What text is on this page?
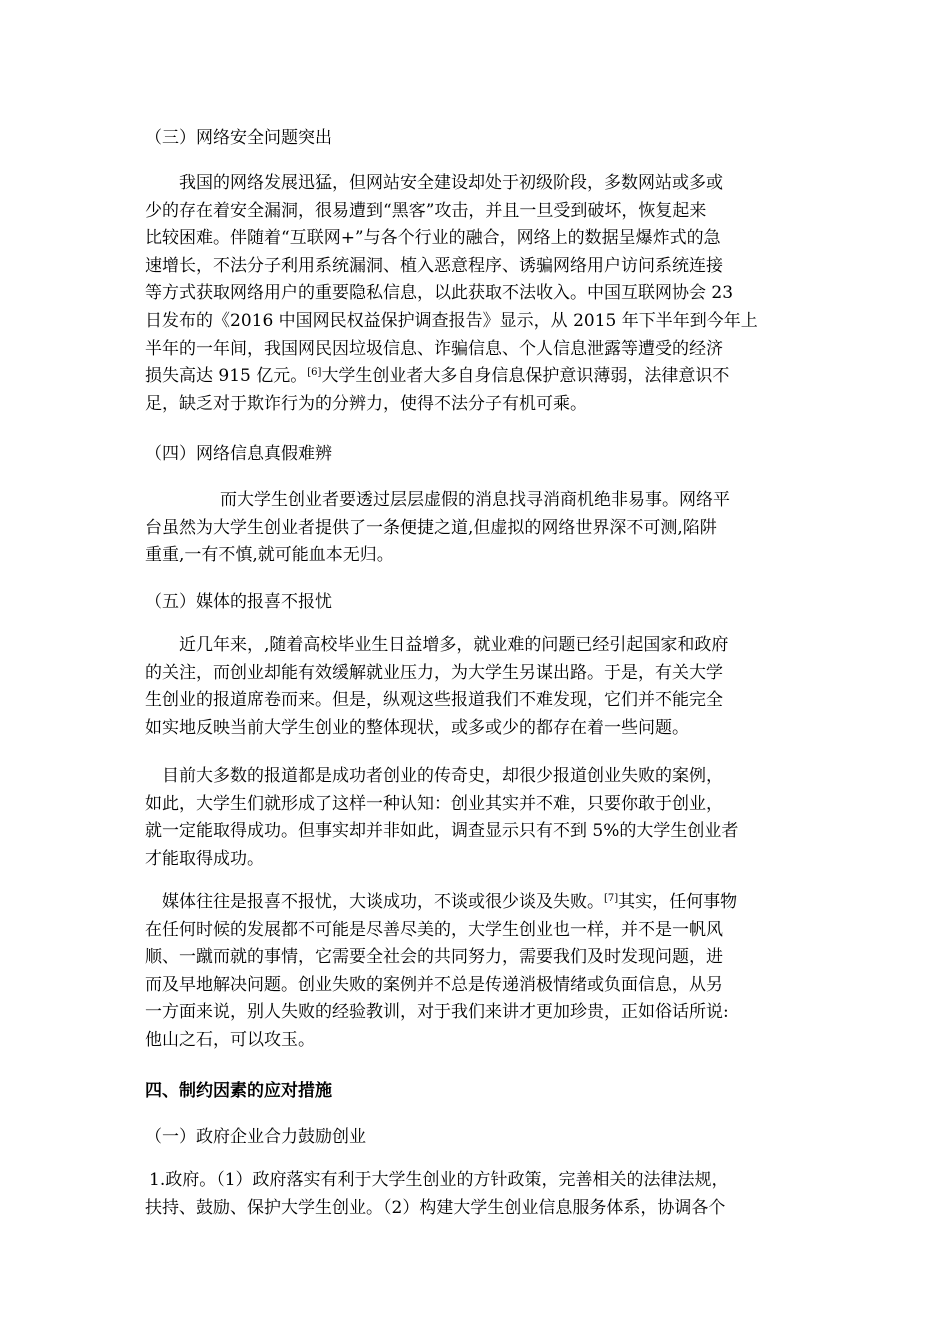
（三）网络安全问题突出

我国的网络发展迅猛，但网站安全建设却处于初级阶段，多数网站或多或
少的存在着安全漏洞，很易遭到“黑客”攻击，并且一旦受到破坏，恢复起来
比较困难。伴随着“互联网+”与各个行业的融合，网络上的数据呈爆炸式的急
速增长，不法分子利用系统漏洞、植入恶意程序、诱骗网络用户访问系统连接
等方式获取网络用户的重要隐私信息，以此获取不法收入。中国互联网协会 23
日发布的《2016 中国网民权益保护调查报告》显示，从 2015 年下半年到今年上
半年的一年间，我国网民因垃圾信息、诈骗信息、个人信息泄露等遭受的经济
损失高达 915 亿元。[6]大学生创业者大多自身信息保护意识薄弱，法律意识不
足，缺乏对于欺诈行为的分辨力，使得不法分子有机可乘。

（四）网络信息真假难辨

而大学生创业者要透过层层虚假的消息找寻消商机绝非易事。网络平
台虽然为大学生创业者提供了一条便捷之道,但虚拟的网络世界深不可测,陷阱
重重,一有不慎,就可能血本无归。

（五）媒体的报喜不报忧

近几年来，,随着高校毕业生日益增多，就业难的问题已经引起国家和政府
的关注，而创业却能有效缓解就业压力，为大学生另谋出路。于是，有关大学
生创业的报道席卷而来。但是，纵观这些报道我们不难发现，它们并不能完全
如实地反映当前大学生创业的整体现状，或多或少的都存在着一些问题。
目前大多数的报道都是成功者创业的传奇史，却很少报道创业失败的案例，
如此，大学生们就形成了这样一种认知：创业其实并不难，只要你敢于创业，
就一定能取得成功。但事实却并非如此，调查显示只有不到 5%的大学生创业者
才能取得成功。
媒体往往是报喜不报忧，大谈成功，不谈或很少谈及失败。[7]其实，任何事物
在任何时候的发展都不可能是尽善尽美的，大学生创业也一样，并不是一帆风
顺、一蹴而就的事情，它需要全社会的共同努力，需要我们及时发现问题，进
而及早地解决问题。创业失败的案例并不总是传递消极情绪或负面信息，从另
一方面来说，别人失败的经验教训，对于我们来讲才更加珍贵，正如俗话所说:
他山之石，可以攻玉。

四、制约因素的应对措施

（一）政府企业合力鼓励创业

1.政府。（1）政府落实有利于大学生创业的方针政策，完善相关的法律法规，
扶持、鼓励、保护大学生创业。（2）构建大学生创业信息服务体系，协调各个
